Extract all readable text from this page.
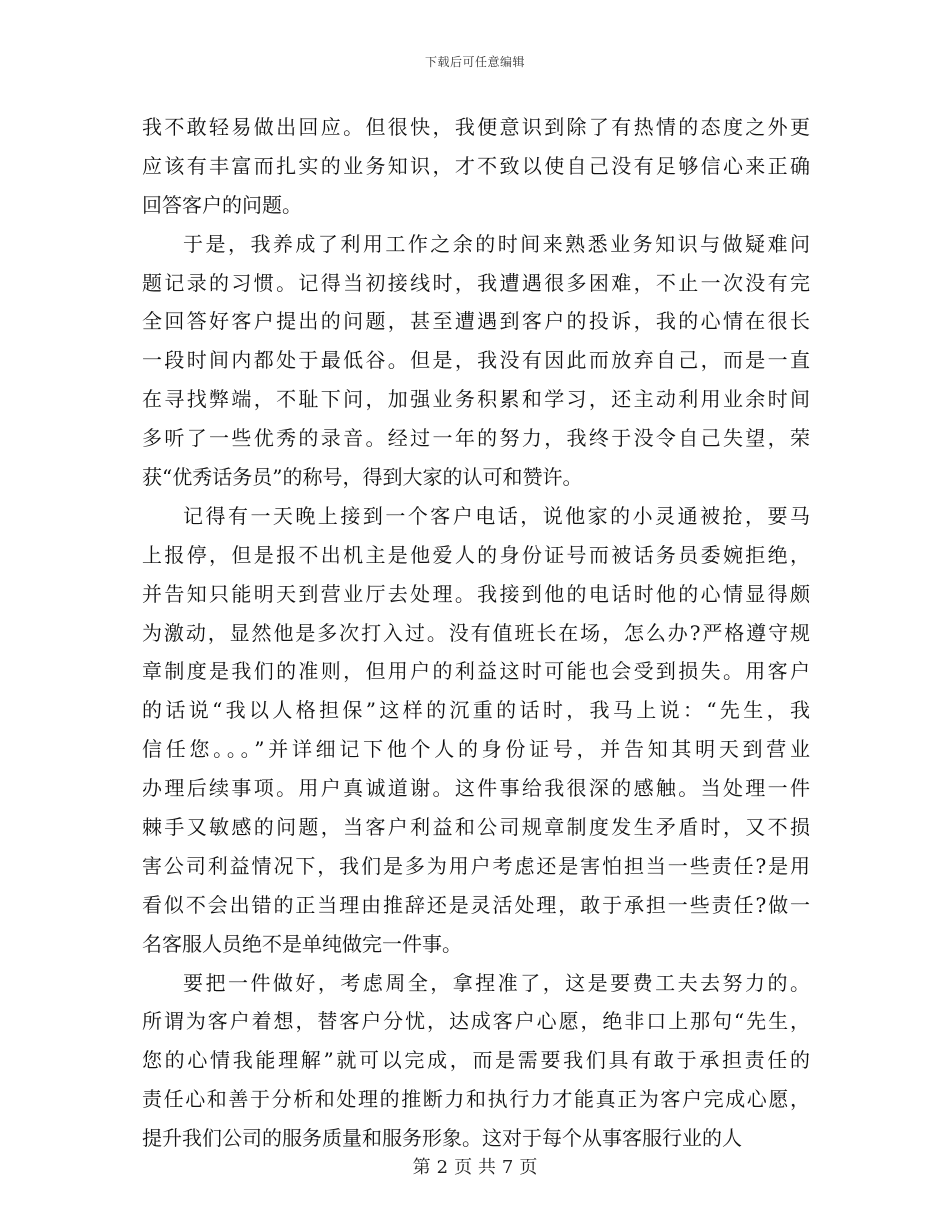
下载后可任意编辑
我不敢轻易做出回应。但很快，我便意识到除了有热情的态度之外更
应该有丰富而扎实的业务知识，才不致以使自己没有足够信心来正确
回答客户的问题。
于是，我养成了利用工作之余的时间来熟悉业务知识与做疑难问
题记录的习惯。记得当初接线时，我遭遇很多困难，不止一次没有完
全回答好客户提出的问题，甚至遭遇到客户的投诉，我的心情在很长
一段时间内都处于最低谷。但是，我没有因此而放弃自己，而是一直
在寻找弊端，不耻下问，加强业务积累和学习，还主动利用业余时间
多听了一些优秀的录音。经过一年的努力，我终于没令自己失望，荣
获“优秀话务员”的称号，得到大家的认可和赞许。
记得有一天晚上接到一个客户电话，说他家的小灵通被抢，要马
上报停，但是报不出机主是他爱人的身份证号而被话务员委婉拒绝，
并告知只能明天到营业厅去处理。我接到他的电话时他的心情显得颇
为激动，显然他是多次打入过。没有值班长在场，怎么办?严格遵守规
章制度是我们的准则，但用户的利益这时可能也会受到损失。用客户
的话说“我以人格担保”这样的沉重的话时，我马上说：“先生，我
信任您。。。”并详细记下他个人的身份证号，并告知其明天到营业
办理后续事项。用户真诚道谢。这件事给我很深的感触。当处理一件
棘手又敏感的问题，当客户利益和公司规章制度发生矛盾时，又不损
害公司利益情况下，我们是多为用户考虑还是害怕担当一些责任?是用
看似不会出错的正当理由推辞还是灵活处理，敢于承担一些责任?做一
名客服人员绝不是单纯做完一件事。
要把一件做好，考虑周全，拿捏准了，这是要费工夫去努力的。
所谓为客户着想，替客户分忧，达成客户心愿，绝非口上那句“先生，
您的心情我能理解”就可以完成，而是需要我们具有敢于承担责任的
责任心和善于分析和处理的推断力和执行力才能真正为客户完成心愿，
提升我们公司的服务质量和服务形象。这对于每个从事客服行业的人
第 2 页 共 7 页
